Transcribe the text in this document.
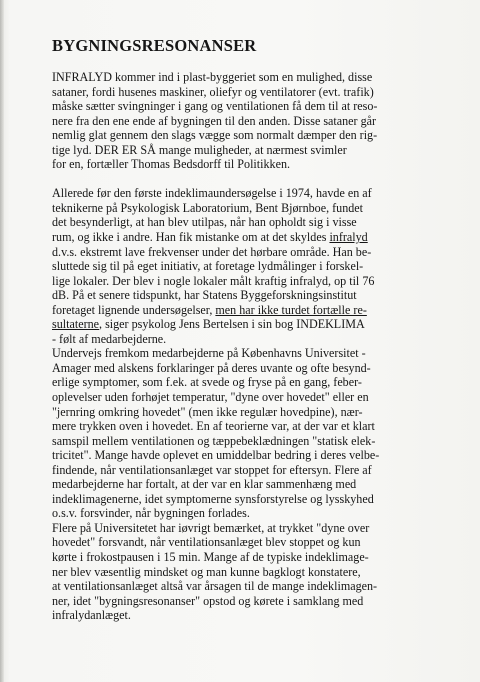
BYGNINGSRESONANSER
INFRALYD kommer ind i plast-byggeriet som en mulighed, disse
sataner, fordi husenes maskiner, oliefyr og ventilatorer (evt. trafik)
måske sætter svingninger i gang og ventilationen få dem til at reso-
nere fra den ene ende af bygningen til den anden. Disse sataner går
nemlig glat gennem den slags vægge som normalt dæmper den rig-
tige lyd. DER ER SÅ mange muligheder, at nærmest svimler
for en, fortæller Thomas Bedsdorff til Politikken.
Allerede før den første indeklimaundersøgelse i 1974, havde en af
teknikerne på Psykologisk Laboratorium, Bent Bjørnboe, fundet
det besynderligt, at han blev utilpas, når han opholdt sig i visse
rum, og ikke i andre. Han fik mistanke om at det skyldes infralyd
d.v.s. ekstremt lave frekvenser under det hørbare område. Han be-
sluttede sig til på eget initiativ, at foretage lydmålinger i forskel-
lige lokaler. Der blev i nogle lokaler målt kraftig infralyd, op til 76
dB. På et senere tidspunkt, har Statens Byggeforskningsinstitut
foretaget lignende undersøgelser, men har ikke turdet fortælle re-
sultaterne, siger psykolog Jens Bertelsen i sin bog INDEKLIMA
- følt af medarbejderne.
Undervejs fremkom medarbejderne på Københavns Universitet -
Amager med alskens forklaringer på deres uvante og ofte besynd-
erlige symptomer, som f.ek. at svede og fryse på en gang, feber-
oplevelser uden forhøjet temperatur, "dyne over hovedet" eller en
"jernring omkring hovedet" (men ikke regulær hovedpine), nær-
mere trykken oven i hovedet. En af teorierne var, at der var et klart
samspil mellem ventilationen og tæppebeklædningen "statisk elek-
tricitet". Mange havde oplevet en umiddelbar bedring i deres velbe-
findende, når ventilationsanlæget var stoppet for eftersyn. Flere af
medarbejderne har fortalt, at der var en klar sammenhæng med
indeklimagenerne, idet symptomerne synsforstyrelse og lysskyhed
o.s.v. forsvinder, når bygningen forlades.
Flere på Universitetet har iøvrigt bemærket, at trykket "dyne over
hovedet" forsvandt, når ventilationsanlæget blev stoppet og kun
kørte i frokostpausen i 15 min. Mange af de typiske indeklimage-
ner blev væsentlig mindsket og man kunne bagklogt konstatere,
at ventilationsanlæget altså var årsagen til de mange indeklimagen-
ner, idet "bygningsresonanser" opstod og kørete i samklang med
infralydanlæget.
